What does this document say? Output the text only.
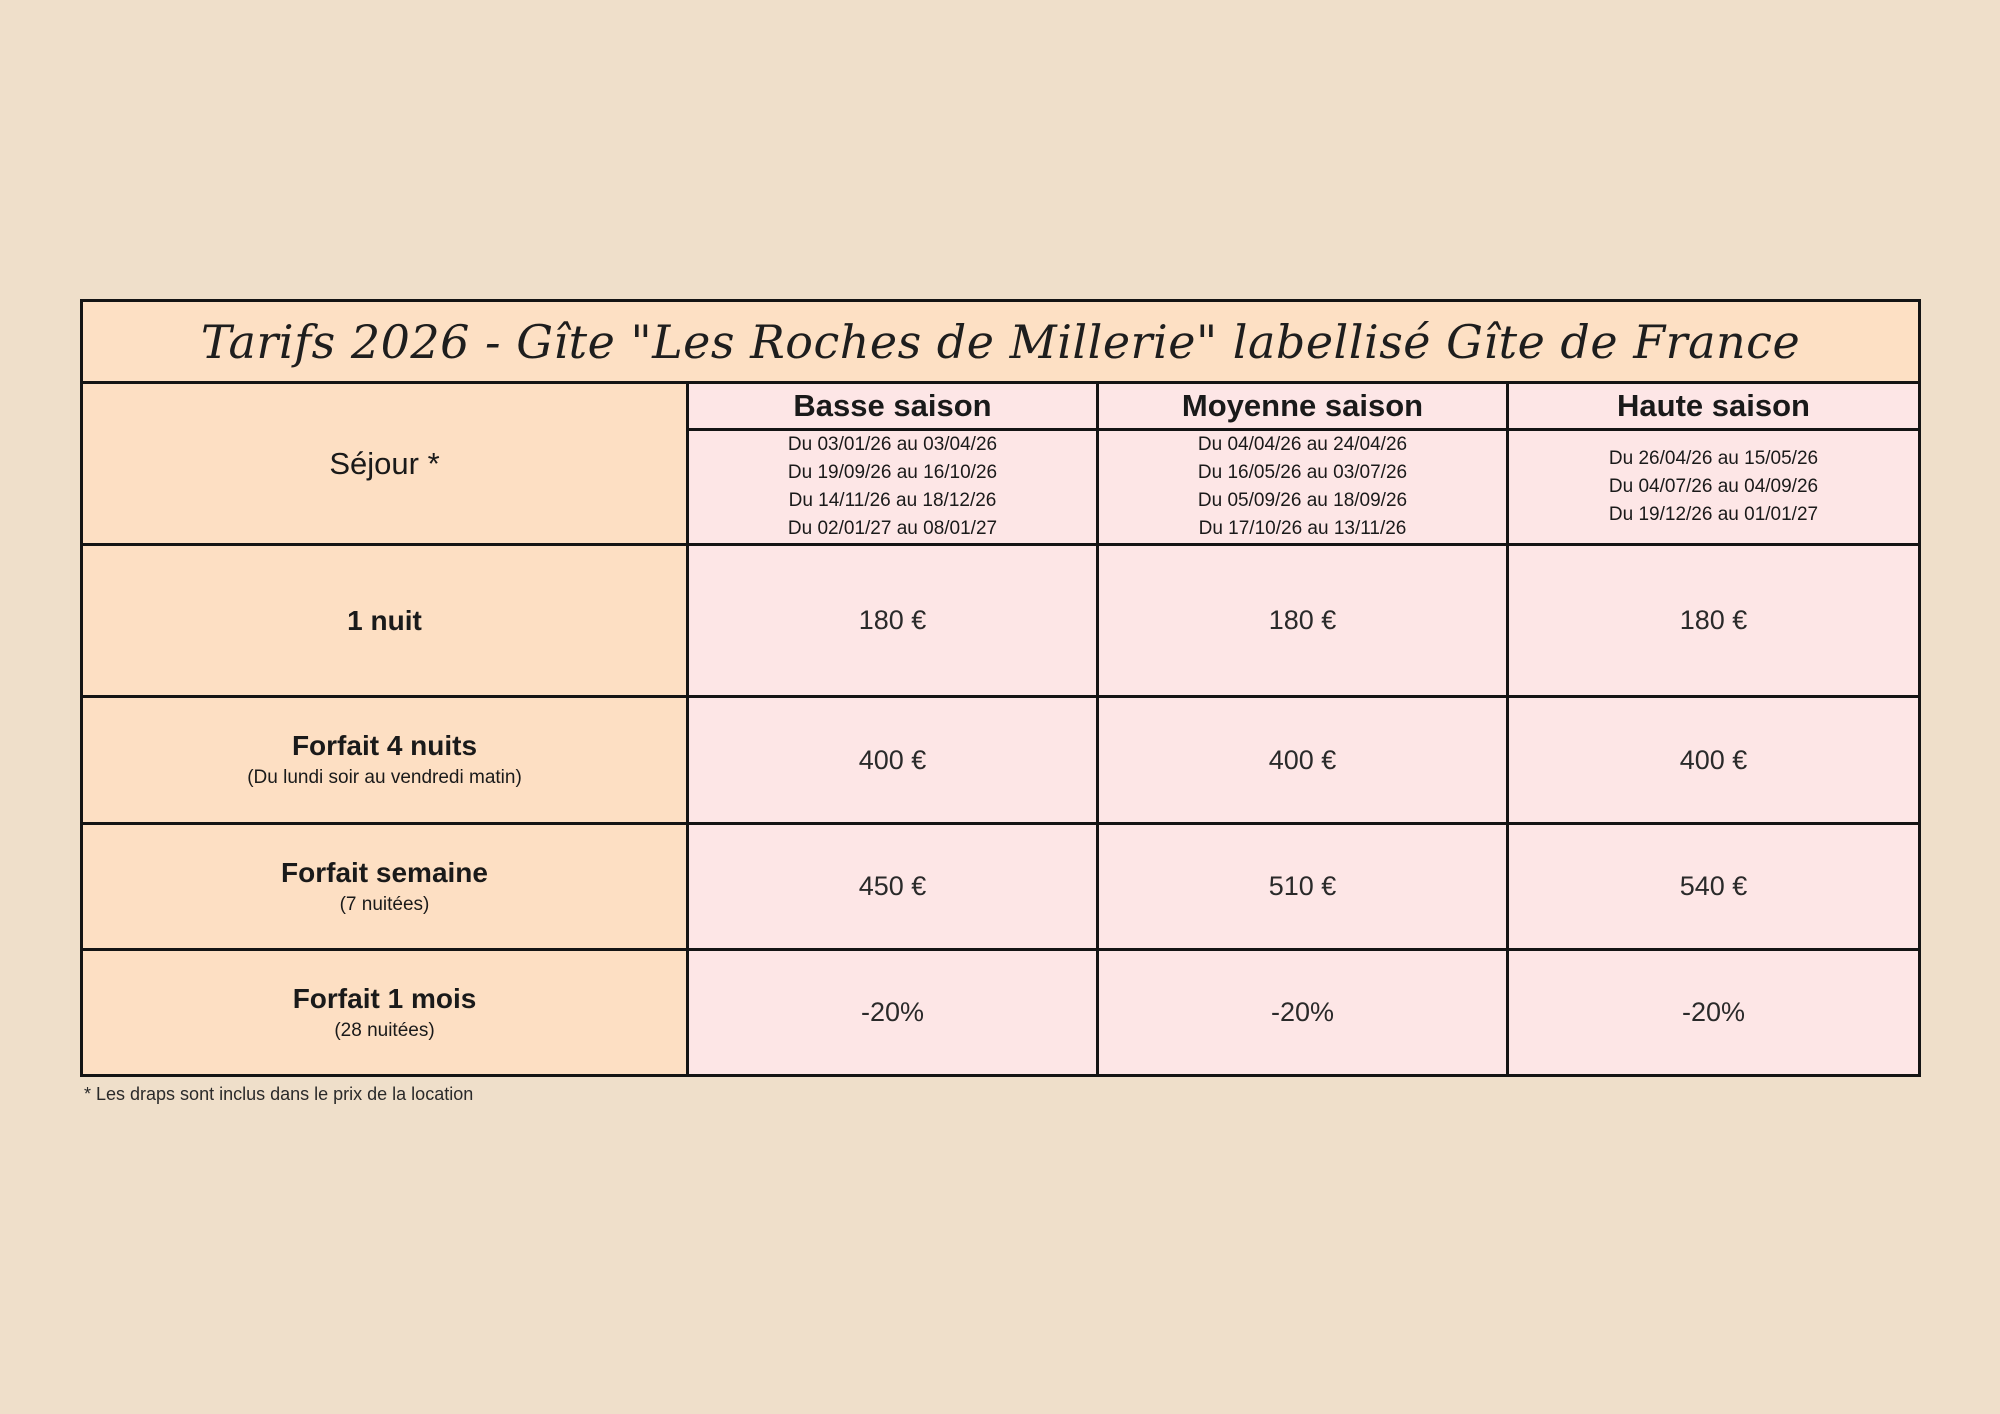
Tarifs 2026 - Gîte "Les Roches de Millerie" labellisé Gîte de France			
Séjour *	Basse saison	Moyenne saison	Haute saison

	Du 03/01/26 au 03/04/26
Du 19/09/26 au 16/10/26
Du 14/11/26 au 18/12/26
Du 02/01/27 au 08/01/27	Du 04/04/26 au 24/04/26
Du 16/05/26 au 03/07/26
Du 05/09/26 au 18/09/26
Du 17/10/26 au 13/11/26	Du 26/04/26 au 15/05/26
Du 04/07/26 au 04/09/26
Du 19/12/26 au 01/01/27

1 nuit	180 €	180 €	180 €

Forfait 4 nuits
(Du lundi soir au vendredi matin)	400 €	400 €	400 €

Forfait semaine
(7 nuitées)	450 €	510 €	540 €

Forfait 1 mois
(28 nuitées)	-20%	-20%	-20%
* Les draps sont inclus dans le prix de la location
